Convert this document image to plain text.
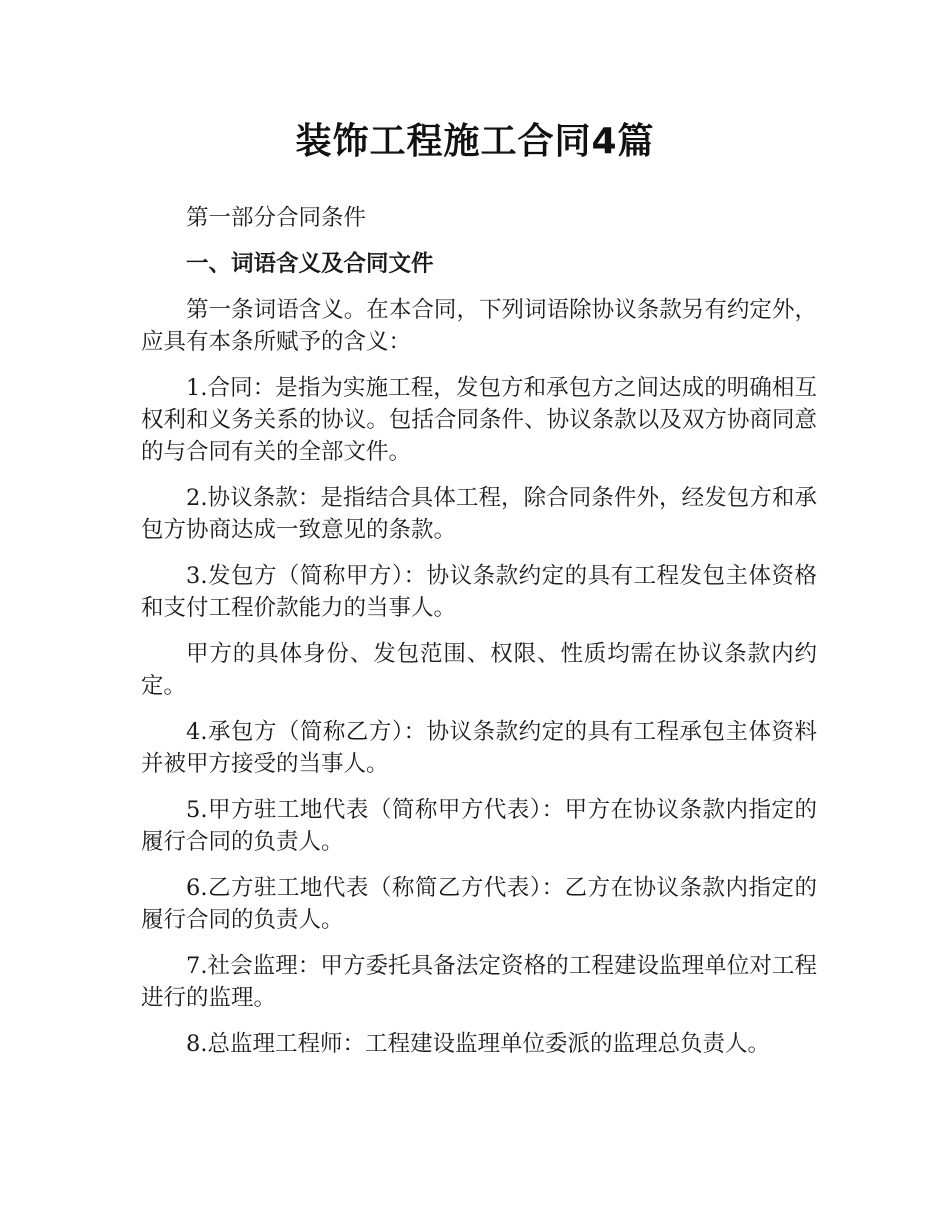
装饰工程施工合同4篇

第一部分合同条件

一、词语含义及合同文件

第一条词语含义。在本合同，下列词语除协议条款另有约定外，应具有本条所赋予的含义：

1.合同：是指为实施工程，发包方和承包方之间达成的明确相互权利和义务关系的协议。包括合同条件、协议条款以及双方协商同意的与合同有关的全部文件。

2.协议条款：是指结合具体工程，除合同条件外，经发包方和承包方协商达成一致意见的条款。

3.发包方（简称甲方）：协议条款约定的具有工程发包主体资格和支付工程价款能力的当事人。

甲方的具体身份、发包范围、权限、性质均需在协议条款内约定。

4.承包方（简称乙方）：协议条款约定的具有工程承包主体资料并被甲方接受的当事人。

5.甲方驻工地代表（简称甲方代表）：甲方在协议条款内指定的履行合同的负责人。

6.乙方驻工地代表（称简乙方代表）：乙方在协议条款内指定的履行合同的负责人。

7.社会监理：甲方委托具备法定资格的工程建设监理单位对工程进行的监理。

8.总监理工程师：工程建设监理单位委派的监理总负责人。
